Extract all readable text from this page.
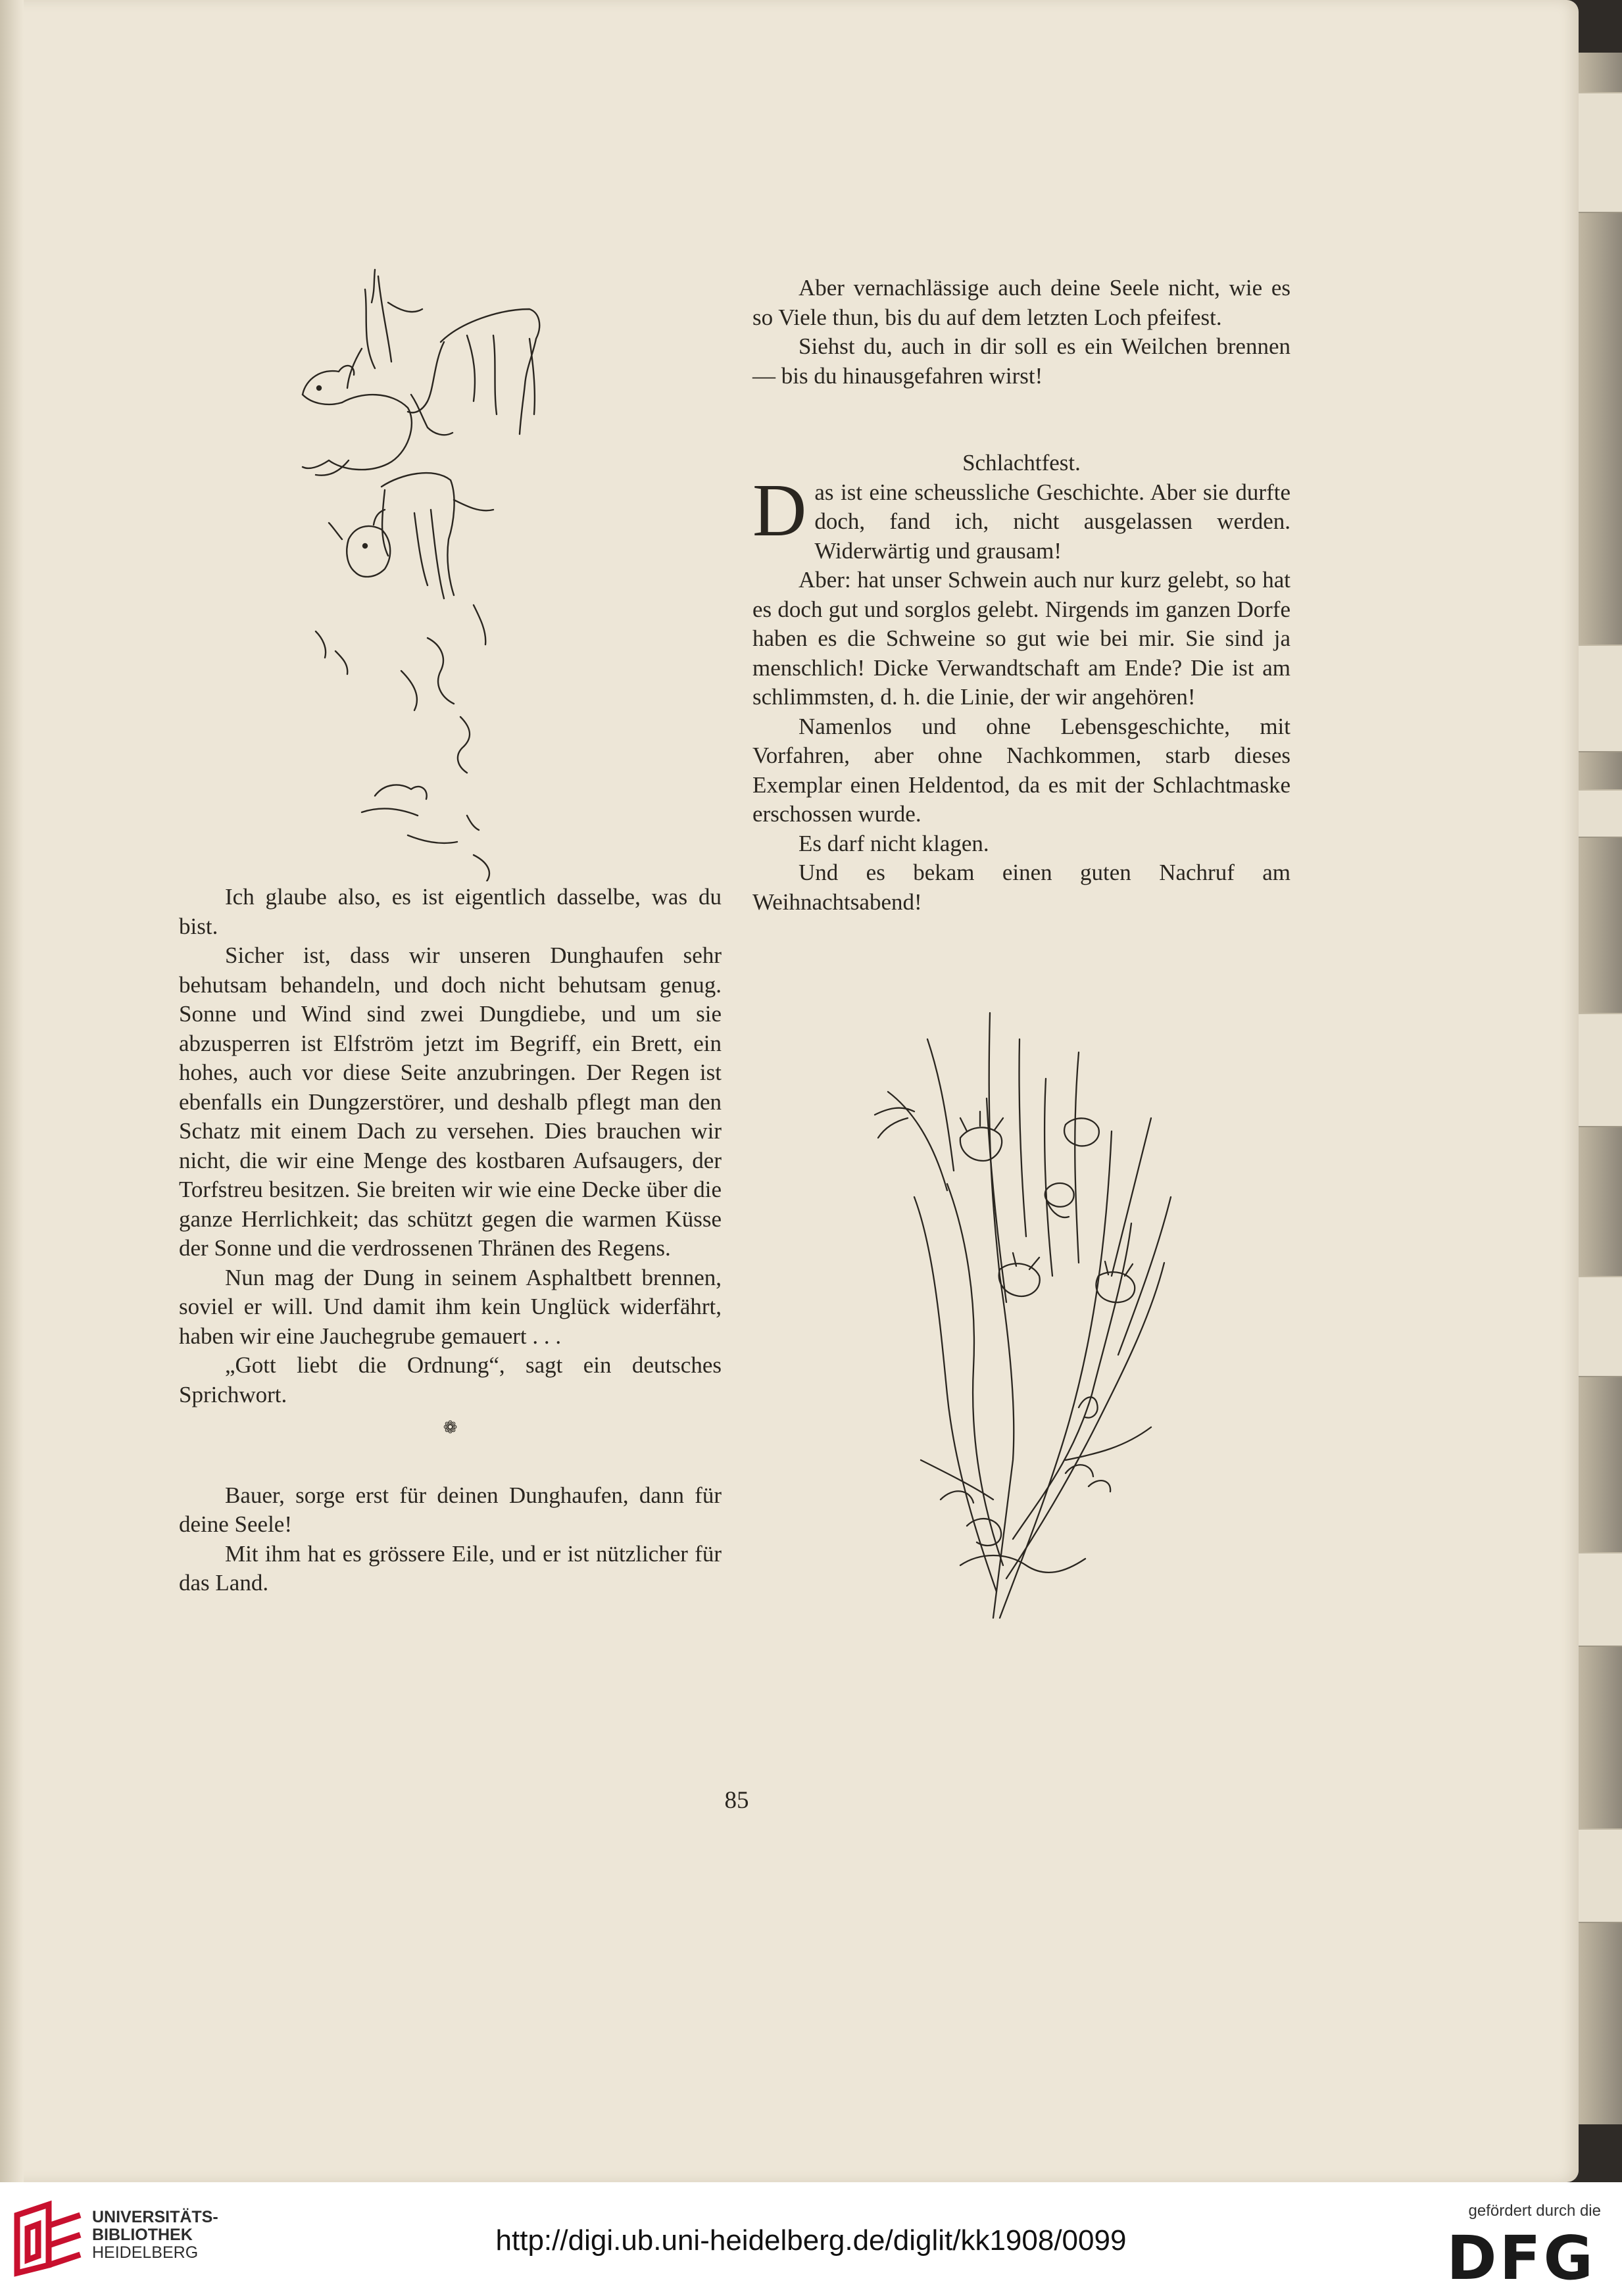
Ich glaube also, es ist eigentlich dasselbe, was du bist.

Sicher ist, dass wir unseren Dunghaufen sehr behutsam behandeln, und doch nicht behutsam genug. Sonne und Wind sind zwei Dungdiebe, und um sie abzusperren ist Elfström jetzt im Begriff, ein Brett, ein hohes, auch vor diese Seite anzubringen. Der Regen ist ebenfalls ein Dungzerstörer, und deshalb pflegt man den Schatz mit einem Dach zu versehen. Dies brauchen wir nicht, die wir eine Menge des kostbaren Aufsaugers, der Torfstreu besitzen. Sie breiten wir wie eine Decke über die ganze Herrlichkeit; das schützt gegen die warmen Küsse der Sonne und die verdrossenen Thränen des Regens.

Nun mag der Dung in seinem Asphaltbett brennen, soviel er will. Und damit ihm kein Unglück widerfährt, haben wir eine Jauchegrube gemauert . . .

„Gott liebt die Ordnung“, sagt ein deutsches Sprichwort.

❁

Bauer, sorge erst für deinen Dunghaufen, dann für deine Seele!

Mit ihm hat es grössere Eile, und er ist nützlicher für das Land.

Aber vernachlässige auch deine Seele nicht, wie es so Viele thun, bis du auf dem letzten Loch pfeifest.

Siehst du, auch in dir soll es ein Weilchen brennen — bis du hinausgefahren wirst!

Schlachtfest.

Das ist eine scheussliche Geschichte. Aber sie durfte doch, fand ich, nicht ausgelassen werden. Widerwärtig und grausam!

Aber: hat unser Schwein auch nur kurz gelebt, so hat es doch gut und sorglos gelebt. Nirgends im ganzen Dorfe haben es die Schweine so gut wie bei mir. Sie sind ja menschlich! Dicke Verwandtschaft am Ende? Die ist am schlimmsten, d. h. die Linie, der wir angehören!

Namenlos und ohne Lebensgeschichte, mit Vorfahren, aber ohne Nachkommen, starb dieses Exemplar einen Heldentod, da es mit der Schlachtmaske erschossen wurde.

Es darf nicht klagen.

Und es bekam einen guten Nachruf am Weihnachtsabend!

85
UNIVERSITÄTS-
BIBLIOTHEK
HEIDELBERG	http://digi.ub.uni-heidelberg.de/diglit/kk1908/0099
gefördert durch die
DFG
